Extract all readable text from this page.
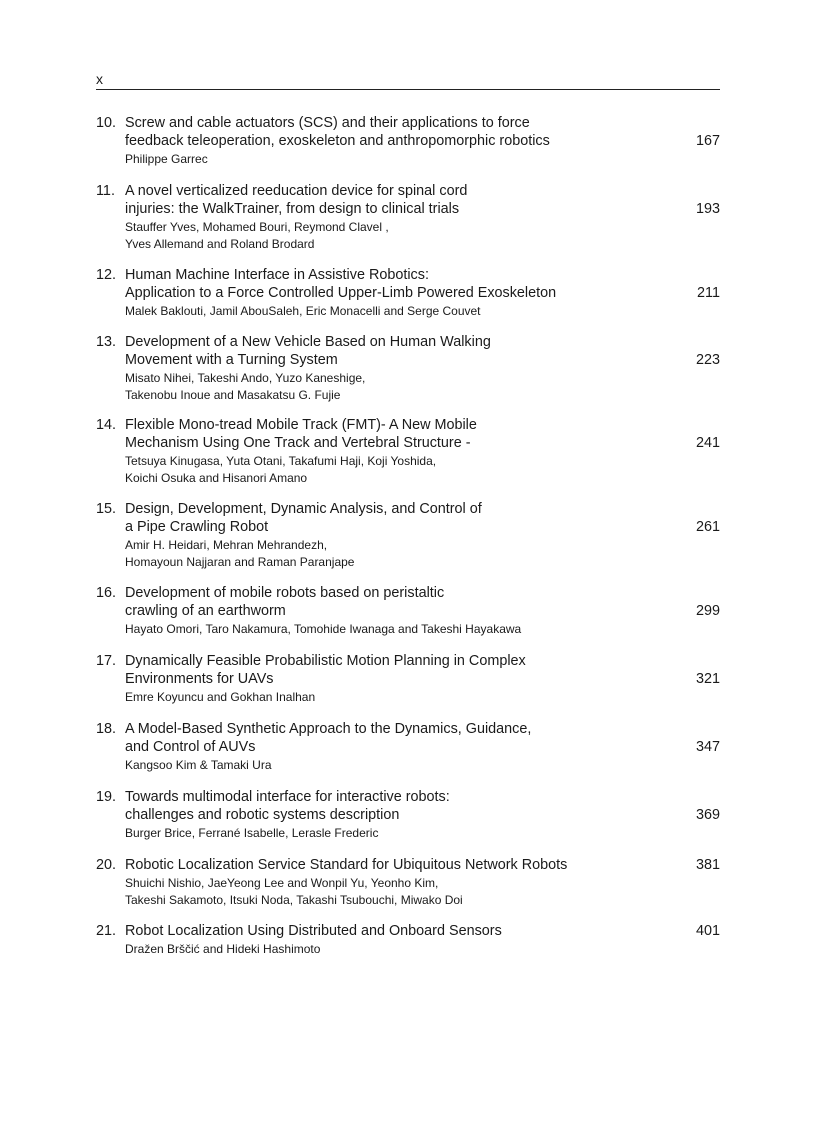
x
10. Screw and cable actuators (SCS) and their applications to force
feedback teleoperation, exoskeleton and anthropomorphic robotics
Philippe Garrec
167
11. A novel verticalized reeducation device for spinal cord
injuries: the WalkTrainer, from design to clinical trials
Stauffer Yves, Mohamed Bouri, Reymond Clavel ,
Yves Allemand and Roland Brodard
193
12. Human Machine Interface in Assistive Robotics:
Application to a Force Controlled Upper-Limb Powered Exoskeleton
Malek Baklouti, Jamil AbouSaleh, Eric Monacelli and Serge Couvet
211
13. Development of a New Vehicle Based on Human Walking
Movement with a Turning System
Misato Nihei, Takeshi Ando, Yuzo Kaneshige,
Takenobu Inoue and Masakatsu G. Fujie
223
14. Flexible Mono-tread Mobile Track (FMT)- A New Mobile
Mechanism Using One Track and Vertebral Structure -
Tetsuya Kinugasa, Yuta Otani, Takafumi Haji, Koji Yoshida,
Koichi Osuka and Hisanori Amano
241
15. Design, Development, Dynamic Analysis, and Control of
a Pipe Crawling Robot
Amir H. Heidari, Mehran Mehrandezh,
Homayoun Najjaran and Raman Paranjape
261
16. Development of mobile robots based on peristaltic
crawling of an earthworm
Hayato Omori, Taro Nakamura, Tomohide Iwanaga and Takeshi Hayakawa
299
17. Dynamically Feasible Probabilistic Motion Planning in Complex
Environments for UAVs
Emre Koyuncu and Gokhan Inalhan
321
18. A Model-Based Synthetic Approach to the Dynamics, Guidance,
and Control of AUVs
Kangsoo Kim & Tamaki Ura
347
19. Towards multimodal interface for interactive robots:
challenges and robotic systems description
Burger Brice, Ferrané Isabelle, Lerasle Frederic
369
20. Robotic Localization Service Standard for Ubiquitous Network Robots
Shuichi Nishio, JaeYeong Lee and Wonpil Yu, Yeonho Kim,
Takeshi Sakamoto, Itsuki Noda, Takashi Tsubouchi, Miwako Doi
381
21. Robot Localization Using Distributed and Onboard Sensors
Dražen Brščić and Hideki Hashimoto
401
